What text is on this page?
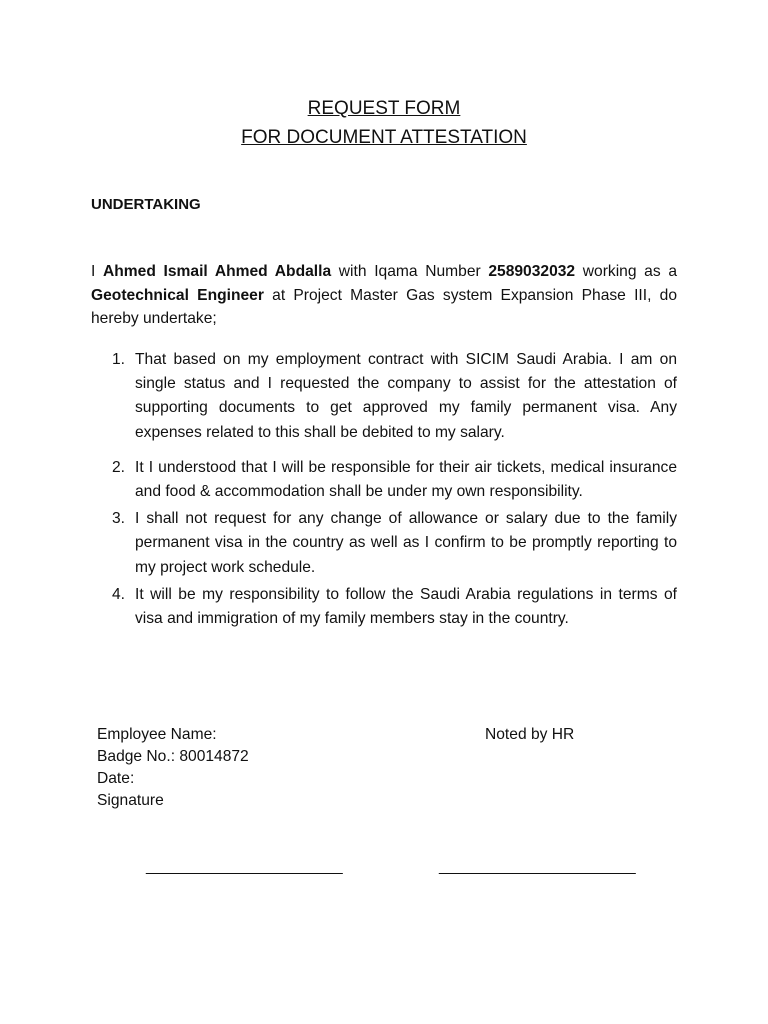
REQUEST FORM
FOR DOCUMENT ATTESTATION
UNDERTAKING

I Ahmed Ismail Ahmed Abdalla with Iqama Number 2589032032 working as a Geotechnical Engineer at Project Master Gas system Expansion Phase III, do hereby undertake;

1. That based on my employment contract with SICIM Saudi Arabia. I am on single status and I requested the company to assist for the attestation of supporting documents to get approved my family permanent visa. Any expenses related to this shall be debited to my salary.
2. It I understood that I will be responsible for their air tickets, medical insurance and food & accommodation shall be under my own responsibility.
3. I shall not request for any change of allowance or salary due to the family permanent visa in the country as well as I confirm to be promptly reporting to my project work schedule.
4. It will be my responsibility to follow the Saudi Arabia regulations in terms of visa and immigration of my family members stay in the country.
Employee Name:
Badge No.: 80014872
Date:
Signature
Noted by HR
________________________	________________________
